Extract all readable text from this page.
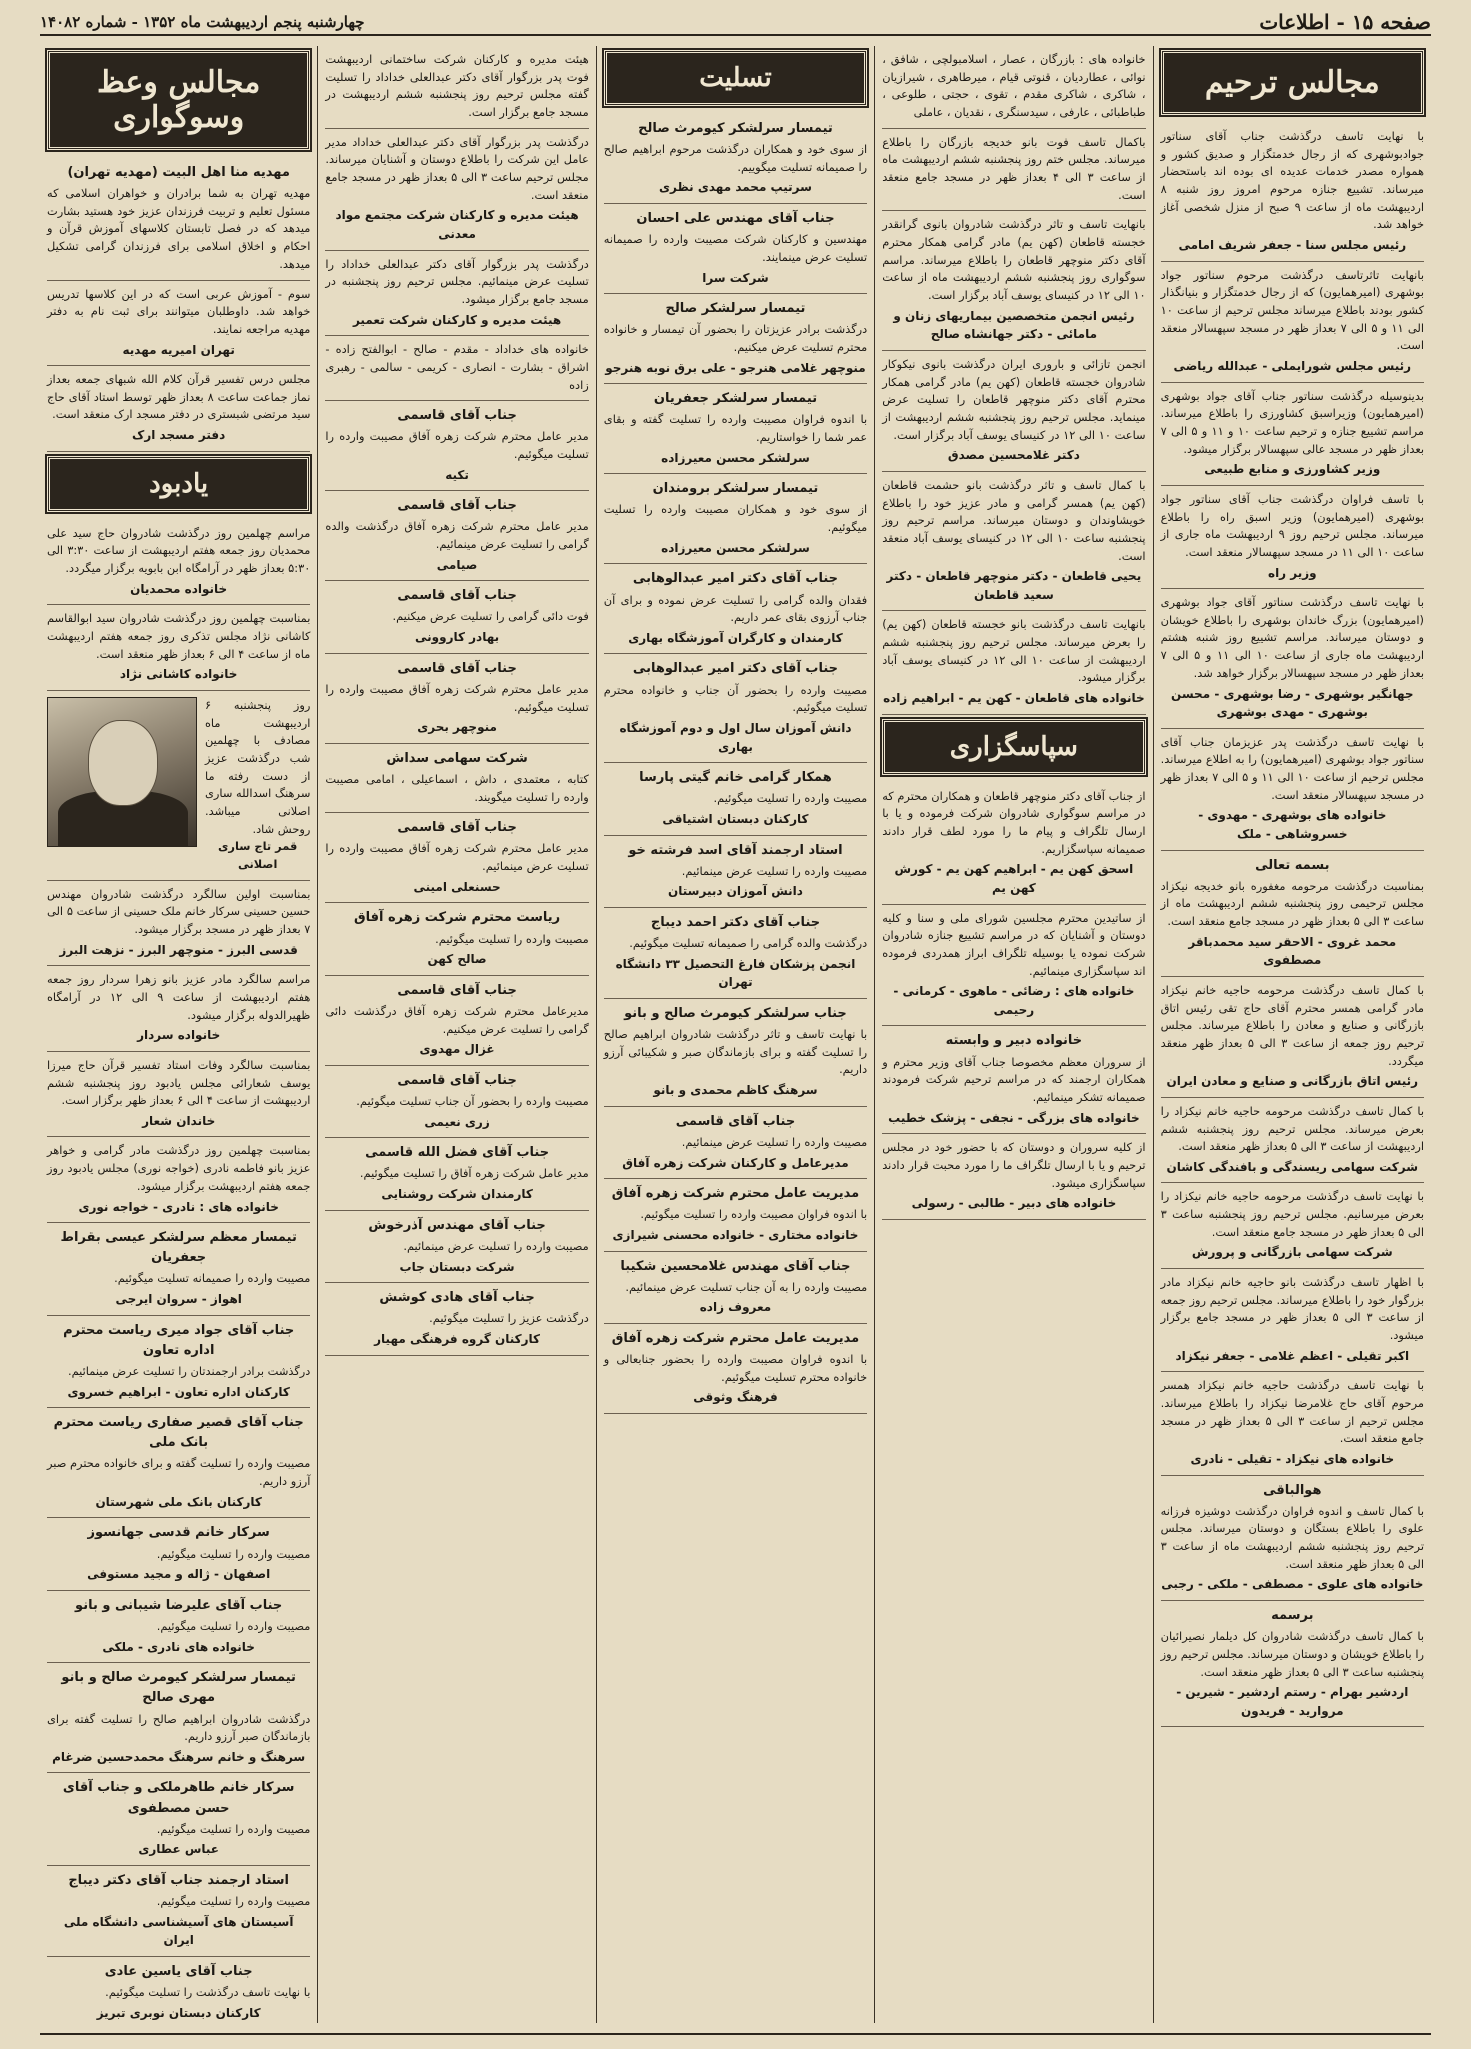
صفحه ۱۵ - اطلاعات
چهارشنبه پنجم اردیبهشت ماه ۱۳۵۲ - شماره ۱۴۰۸۲
مجالس ترحیم
با نهایت تاسف درگذشت جناب آقای سناتور جوادبوشهری که از رجال خدمتگزار و صدیق کشور و همواره مصدر خدمات عدیده ای بوده اند باستحضار میرساند. تشییع جنازه مرحوم امروز روز شنبه ۸ اردیبهشت ماه از ساعت ۹ صبح از منزل شخصی آغاز خواهد شد.
رئیس مجلس سنا - جعفر شریف امامی
بانهایت تاثرتاسف درگذشت مرحوم سناتور جواد بوشهری (امیرهمایون) که از رجال خدمتگزار و بنیانگذار کشور بودند باطلاع میرساند مجلس ترحیم از ساعت ۱۰ الی ۱۱ و ۵ الی ۷ بعداز ظهر در مسجد سپهسالار منعقد است.
رئیس مجلس شورایملی - عبدالله ریاضی
بدینوسیله درگذشت سناتور جناب آقای جواد بوشهری (امیرهمایون) وزیراسبق کشاورزی را باطلاع میرساند. مراسم تشییع جنازه و ترحیم ساعت ۱۰ و ۱۱ و ۵ الی ۷ بعداز ظهر در مسجد عالی سپهسالار برگزار میشود.
وزیر کشاورزی و منابع طبیعی
با تاسف فراوان درگذشت جناب آقای سناتور جواد بوشهری (امیرهمایون) وزیر اسبق راه را باطلاع میرساند. مجلس ترحیم روز ۹ اردیبهشت ماه جاری از ساعت ۱۰ الی ۱۱ در مسجد سپهسالار منعقد است.
وزیر راه
با نهایت تاسف درگذشت سناتور آقای جواد بوشهری (امیرهمایون) بزرگ خاندان بوشهری را باطلاع خویشان و دوستان میرساند. مراسم تشییع روز شنبه هشتم اردیبهشت ماه جاری از ساعت ۱۰ الی ۱۱ و ۵ الی ۷ بعداز ظهر در مسجد سپهسالار برگزار خواهد شد.
جهانگیر بوشهری - رضا بوشهری - محسن بوشهری - مهدی بوشهری
با نهایت تاسف درگذشت پدر عزیزمان جناب آقای سناتور جواد بوشهری (امیرهمایون) را به اطلاع میرساند. مجلس ترحیم از ساعت ۱۰ الی ۱۱ و ۵ الی ۷ بعداز ظهر در مسجد سپهسالار منعقد است.
خانواده های بوشهری - مهدوی - خسروشاهی - ملک
بسمه تعالی
بمناسبت درگذشت مرحومه مغفوره بانو خدیجه نیکزاد مجلس ترحیمی روز پنجشنبه ششم اردیبهشت ماه از ساعت ۳ الی ۵ بعداز ظهر در مسجد جامع منعقد است.
محمد غروی - الاحقر سید محمدباقر مصطفوی
با کمال تاسف درگذشت مرحومه حاجیه خانم نیکزاد مادر گرامی همسر محترم آقای حاج تقی رئیس اتاق بازرگانی و صنایع و معادن را باطلاع میرساند. مجلس ترحیم روز جمعه از ساعت ۳ الی ۵ بعداز ظهر منعقد میگردد.
رئیس اتاق بازرگانی و صنایع و معادن ایران
با کمال تاسف درگذشت مرحومه حاجیه خانم نیکزاد را بعرض میرساند. مجلس ترحیم روز پنجشنبه ششم اردیبهشت از ساعت ۳ الی ۵ بعداز ظهر منعقد است.
شرکت سهامی ریسندگی و بافندگی کاشان
با نهایت تاسف درگذشت مرحومه حاجیه خانم نیکزاد را بعرض میرسانیم. مجلس ترحیم روز پنجشنبه ساعت ۳ الی ۵ بعداز ظهر در مسجد جامع منعقد است.
شرکت سهامی بازرگانی و پرورش
با اظهار تاسف درگذشت بانو حاجیه خانم نیکزاد مادر بزرگوار خود را باطلاع میرساند. مجلس ترحیم روز جمعه از ساعت ۳ الی ۵ بعداز ظهر در مسجد جامع برگزار میشود.
اکبر تقیلی - اعظم غلامی - جعفر نیکزاد
با نهایت تاسف درگذشت حاجیه خانم نیکزاد همسر مرحوم آقای حاج غلامرضا نیکزاد را باطلاع میرساند. مجلس ترحیم از ساعت ۳ الی ۵ بعداز ظهر در مسجد جامع منعقد است.
خانواده های نیکزاد - تقیلی - نادری
هوالباقی
با کمال تاسف و اندوه فراوان درگذشت دوشیزه فرزانه علوی را باطلاع بستگان و دوستان میرساند. مجلس ترحیم روز پنجشنبه ششم اردیبهشت ماه از ساعت ۳ الی ۵ بعداز ظهر منعقد است.
خانواده های علوی - مصطفی - ملکی - رجبی
برسمه
با کمال تاسف درگذشت شادروان کل دیلمار نصیرائیان را باطلاع خویشان و دوستان میرساند. مجلس ترحیم روز پنجشنبه ساعت ۳ الی ۵ بعداز ظهر منعقد است.
اردشیر بهرام - رستم اردشیر - شیرین - مروارید - فریدون
خانواده های : بازرگان ، عصار ، اسلامبولچی ، شافق ، نوائی ، عطاردیان ، قنوتی قیام ، میرطاهری ، شیرازیان ، شاکری ، شاکری مقدم ، تقوی ، حجتی ، طلوعی ، طباطبائی ، عارفی ، سیدسنگری ، نقدیان ، عاملی
باکمال تاسف فوت بانو خدیجه بازرگان را باطلاع میرساند. مجلس ختم روز پنجشنبه ششم اردیبهشت ماه از ساعت ۳ الی ۴ بعداز ظهر در مسجد جامع منعقد است.
بانهایت تاسف و تاثر درگذشت شادروان بانوی گرانقدر خجسته قاطعان (کهن یم) مادر گرامی همکار محترم آقای دکتر منوچهر قاطعان را باطلاع میرساند. مراسم سوگواری روز پنجشنبه ششم اردیبهشت ماه از ساعت ۱۰ الی ۱۲ در کنیسای یوسف آباد برگزار است.
رئیس انجمن متخصصین بیماریهای زنان و مامائی - دکتر جهانشاه صالح
انجمن تازائی و باروری ایران درگذشت بانوی نیکوکار شادروان خجسته قاطعان (کهن یم) مادر گرامی همکار محترم آقای دکتر منوچهر قاطعان را تسلیت عرض مینماید. مجلس ترحیم روز پنجشنبه ششم اردیبهشت از ساعت ۱۰ الی ۱۲ در کنیسای یوسف آباد برگزار است.
دکتر غلامحسین مصدق
با کمال تاسف و تاثر درگذشت بانو حشمت قاطعان (کهن یم) همسر گرامی و مادر عزیز خود را باطلاع خویشاوندان و دوستان میرساند. مراسم ترحیم روز پنجشنبه ساعت ۱۰ الی ۱۲ در کنیسای یوسف آباد منعقد است.
یحیی قاطعان - دکتر منوچهر قاطعان - دکتر سعید قاطعان
بانهایت تاسف درگذشت بانو خجسته قاطعان (کهن یم) را بعرض میرساند. مجلس ترحیم روز پنجشنبه ششم اردیبهشت از ساعت ۱۰ الی ۱۲ در کنیسای یوسف آباد برگزار میشود.
خانواده های قاطعان - کهن یم - ابراهیم زاده
سپاسگزاری
از جناب آقای دکتر منوچهر قاطعان و همکاران محترم که در مراسم سوگواری شادروان شرکت فرموده و یا با ارسال تلگراف و پیام ما را مورد لطف قرار دادند صمیمانه سپاسگزاریم.
اسحق کهن یم - ابراهیم کهن یم - کورش کهن یم
از ساتیدین محترم مجلسین شورای ملی و سنا و کلیه دوستان و آشنایان که در مراسم تشییع جنازه شادروان شرکت نموده یا بوسیله تلگراف ابراز همدردی فرموده اند سپاسگزاری مینمائیم.
خانواده های : رضائی - ماهوی - کرمانی - رحیمی
خانواده دبیر و وابسته
از سروران معظم مخصوصا جناب آقای وزیر محترم و همکاران ارجمند که در مراسم ترحیم شرکت فرمودند صمیمانه تشکر مینمائیم.
خانواده های بزرگی - نجفی - پزشک خطیب
از کلیه سروران و دوستان که با حضور خود در مجلس ترحیم و یا با ارسال تلگراف ما را مورد محبت قرار دادند سپاسگزاری میشود.
خانواده های دبیر - طالبی - رسولی
تسلیت
تیمسار سرلشکر کیومرث صالح
از سوی خود و همکاران درگذشت مرحوم ابراهیم صالح را صمیمانه تسلیت میگوییم.
سرتیپ محمد مهدی نظری
جناب آقای مهندس علی احسان
مهندسین و کارکنان شرکت مصیبت وارده را صمیمانه تسلیت عرض مینمایند.
شرکت سرا
تیمسار سرلشکر صالح
درگذشت برادر عزیزتان را بحضور آن تیمسار و خانواده محترم تسلیت عرض میکنیم.
منوچهر غلامی هنرجو - علی برق نوبه هنرجو
تیمسار سرلشکر جعفریان
با اندوه فراوان مصیبت وارده را تسلیت گفته و بقای عمر شما را خواستاریم.
سرلشکر محسن معیرزاده
تیمسار سرلشکر برومندان
از سوی خود و همکاران مصیبت وارده را تسلیت میگوئیم.
سرلشکر محسن معیرزاده
جناب آقای دکتر امیر عبدالوهابی
فقدان والده گرامی را تسلیت عرض نموده و برای آن جناب آرزوی بقای عمر داریم.
کارمندان و کارگران آموزشگاه بهاری
جناب آقای دکتر امیر عبدالوهابی
مصیبت وارده را بحضور آن جناب و خانواده محترم تسلیت میگوئیم.
دانش آموزان سال اول و دوم آموزشگاه بهاری
همکار گرامی خانم گیتی پارسا
مصیبت وارده را تسلیت میگوئیم.
کارکنان دبستان اشتیاقی
استاد ارجمند آقای اسد فرشته خو
مصیبت وارده را تسلیت عرض مینمائیم.
دانش آموزان دبیرستان
جناب آقای دکتر احمد دیباج
درگذشت والده گرامی را صمیمانه تسلیت میگوئیم.
انجمن پزشکان فارغ التحصیل ۳۳ دانشگاه تهران
جناب سرلشکر کیومرث صالح و بانو
با نهایت تاسف و تاثر درگذشت شادروان ابراهیم صالح را تسلیت گفته و برای بازماندگان صبر و شکیبائی آرزو داریم.
سرهنگ کاظم محمدی و بانو
جناب آقای قاسمی
مصیبت وارده را تسلیت عرض مینمائیم.
مدیرعامل و کارکنان شرکت زهره آفاق
مدیریت عامل محترم شرکت زهره آفاق
با اندوه فراوان مصیبت وارده را تسلیت میگوئیم.
خانواده مختاری - خانواده محسنی شیرازی
جناب آقای مهندس غلامحسین شکیبا
مصیبت وارده را به آن جناب تسلیت عرض مینمائیم.
معروف زاده
مدیریت عامل محترم شرکت زهره آفاق
با اندوه فراوان مصیبت وارده را بحضور جنابعالی و خانواده محترم تسلیت میگوئیم.
فرهنگ وثوقی
هیئت مدیره و کارکنان شرکت ساختمانی اردیبهشت فوت پدر بزرگوار آقای دکتر عبدالعلی خداداد را تسلیت گفته مجلس ترحیم روز پنجشنبه ششم اردیبهشت در مسجد جامع برگزار است.
درگذشت پدر بزرگوار آقای دکتر عبدالعلی خداداد مدیر عامل این شرکت را باطلاع دوستان و آشنایان میرساند. مجلس ترحیم ساعت ۳ الی ۵ بعداز ظهر در مسجد جامع منعقد است.
هیئت مدیره و کارکنان شرکت مجتمع مواد معدنی
درگذشت پدر بزرگوار آقای دکتر عبدالعلی خداداد را تسلیت عرض مینمائیم. مجلس ترحیم روز پنجشنبه در مسجد جامع برگزار میشود.
هیئت مدیره و کارکنان شرکت تعمیر
خانواده های خداداد - مقدم - صالح - ابوالفتح زاده - اشراق - بشارت - انصاری - کریمی - سالمی - رهبری زاده
جناب آقای قاسمی
مدیر عامل محترم شرکت زهره آفاق مصیبت وارده را تسلیت میگوئیم.
تکیه
جناب آقای قاسمی
مدیر عامل محترم شرکت زهره آفاق درگذشت والده گرامی را تسلیت عرض مینمائیم.
صیامی
جناب آقای قاسمی
فوت دائی گرامی را تسلیت عرض میکنیم.
بهادر کاروونی
جناب آقای قاسمی
مدیر عامل محترم شرکت زهره آفاق مصیبت وارده را تسلیت میگوئیم.
منوچهر بحری
شرکت سهامی سداش
کتابه ، معتمدی ، داش ، اسماعیلی ، امامی مصیبت وارده را تسلیت میگویند.
جناب آقای قاسمی
مدیر عامل محترم شرکت زهره آفاق مصیبت وارده را تسلیت عرض مینمائیم.
حسنعلی امینی
ریاست محترم شرکت زهره آفاق
مصیبت وارده را تسلیت میگوئیم.
صالح کهن
جناب آقای قاسمی
مدیرعامل محترم شرکت زهره آفاق درگذشت دائی گرامی را تسلیت عرض میکنیم.
غزال مهدوی
جناب آقای قاسمی
مصیبت وارده را بحضور آن جناب تسلیت میگوئیم.
زری نعیمی
جناب آقای فضل الله قاسمی
مدیر عامل شرکت زهره آفاق را تسلیت میگوئیم.
کارمندان شرکت روشنایی
جناب آقای مهندس آذرخوش
مصیبت وارده را تسلیت عرض مینمائیم.
شرکت دبستان جاب
جناب آقای هادی کوشش
درگذشت عزیز را تسلیت میگوئیم.
کارکنان گروه فرهنگی مهیار
مجالس وعظ وسوگواری
مهدیه منا اهل البیت (مهدیه تهران)
مهدیه تهران به شما برادران و خواهران اسلامی که مسئول تعلیم و تربیت فرزندان عزیز خود هستید بشارت میدهد که در فصل تابستان کلاسهای آموزش قرآن و احکام و اخلاق اسلامی برای فرزندان گرامی تشکیل میدهد.
سوم - آموزش عربی است که در این کلاسها تدریس خواهد شد. داوطلبان میتوانند برای ثبت نام به دفتر مهدیه مراجعه نمایند.
تهران امیریه مهدیه
مجلس درس تفسیر قرآن کلام الله شبهای جمعه بعداز نماز جماعت ساعت ۸ بعداز ظهر توسط استاد آقای حاج سید مرتضی شبستری در دفتر مسجد ارک منعقد است.
دفتر مسجد ارک
یادبود
مراسم چهلمین روز درگذشت شادروان حاج سید علی محمدیان روز جمعه هفتم اردیبهشت از ساعت ۳:۳۰ الی ۵:۳۰ بعداز ظهر در آرامگاه ابن بابویه برگزار میگردد.
خانواده محمدیان
بمناسبت چهلمین روز درگذشت شادروان سید ابوالقاسم کاشانی نژاد مجلس تذکری روز جمعه هفتم اردیبهشت ماه از ساعت ۴ الی ۶ بعداز ظهر منعقد است.
خانواده کاشانی نژاد
روز پنجشنبه ۶ اردیبهشت ماه مصادف با چهلمین شب درگذشت عزیز از دست رفته ما سرهنگ اسدالله ساری اصلانی میباشد. روحش شاد.
قمر تاج ساری اصلانی
بمناسبت اولین سالگرد درگذشت شادروان مهندس حسین حسینی سرکار خانم ملک حسینی از ساعت ۵ الی ۷ بعداز ظهر در مسجد برگزار میشود.
قدسی البرز - منوچهر البرز - نزهت البرز
مراسم سالگرد مادر عزیز بانو زهرا سردار روز جمعه هفتم اردیبهشت از ساعت ۹ الی ۱۲ در آرامگاه ظهیرالدوله برگزار میشود.
خانواده سردار
بمناسبت سالگرد وفات استاد تفسیر قرآن حاج میرزا یوسف شعارائی مجلس یادبود روز پنجشنبه ششم اردیبهشت از ساعت ۴ الی ۶ بعداز ظهر برگزار است.
خاندان شعار
بمناسبت چهلمین روز درگذشت مادر گرامی و خواهر عزیز بانو فاطمه نادری (خواجه نوری) مجلس یادبود روز جمعه هفتم اردیبهشت برگزار میشود.
خانواده های : نادری - خواجه نوری
تیمسار معظم سرلشکر عیسی بقراط جعفریان
مصیبت وارده را صمیمانه تسلیت میگوئیم.
اهواز - سروان ایرجی
جناب آقای جواد میری ریاست محترم اداره تعاون
درگذشت برادر ارجمندتان را تسلیت عرض مینمائیم.
کارکنان اداره تعاون - ابراهیم خسروی
جناب آقای قصیر صفاری ریاست محترم بانک ملی
مصیبت وارده را تسلیت گفته و برای خانواده محترم صبر آرزو داریم.
کارکنان بانک ملی شهرستان
سرکار خانم قدسی جهانسوز
مصیبت وارده را تسلیت میگوئیم.
اصفهان - ژاله و مجید مستوفی
جناب آقای علیرضا شیبانی و بانو
مصیبت وارده را تسلیت میگوئیم.
خانواده های نادری - ملکی
تیمسار سرلشکر کیومرث صالح و بانو مهری صالح
درگذشت شادروان ابراهیم صالح را تسلیت گفته برای بازماندگان صبر آرزو داریم.
سرهنگ و خانم سرهنگ محمدحسین ضرغام
سرکار خانم طاهرملکی و جناب آقای حسن مصطفوی
مصیبت وارده را تسلیت میگوئیم.
عباس عطاری
استاد ارجمند جناب آقای دکتر دیباج
مصیبت وارده را تسلیت میگوئیم.
آسیستان های آسیشناسی دانشگاه ملی ایران
جناب آقای یاسین عادی
با نهایت تاسف درگذشت را تسلیت میگوئیم.
کارکنان دبستان نوبری تبریز
